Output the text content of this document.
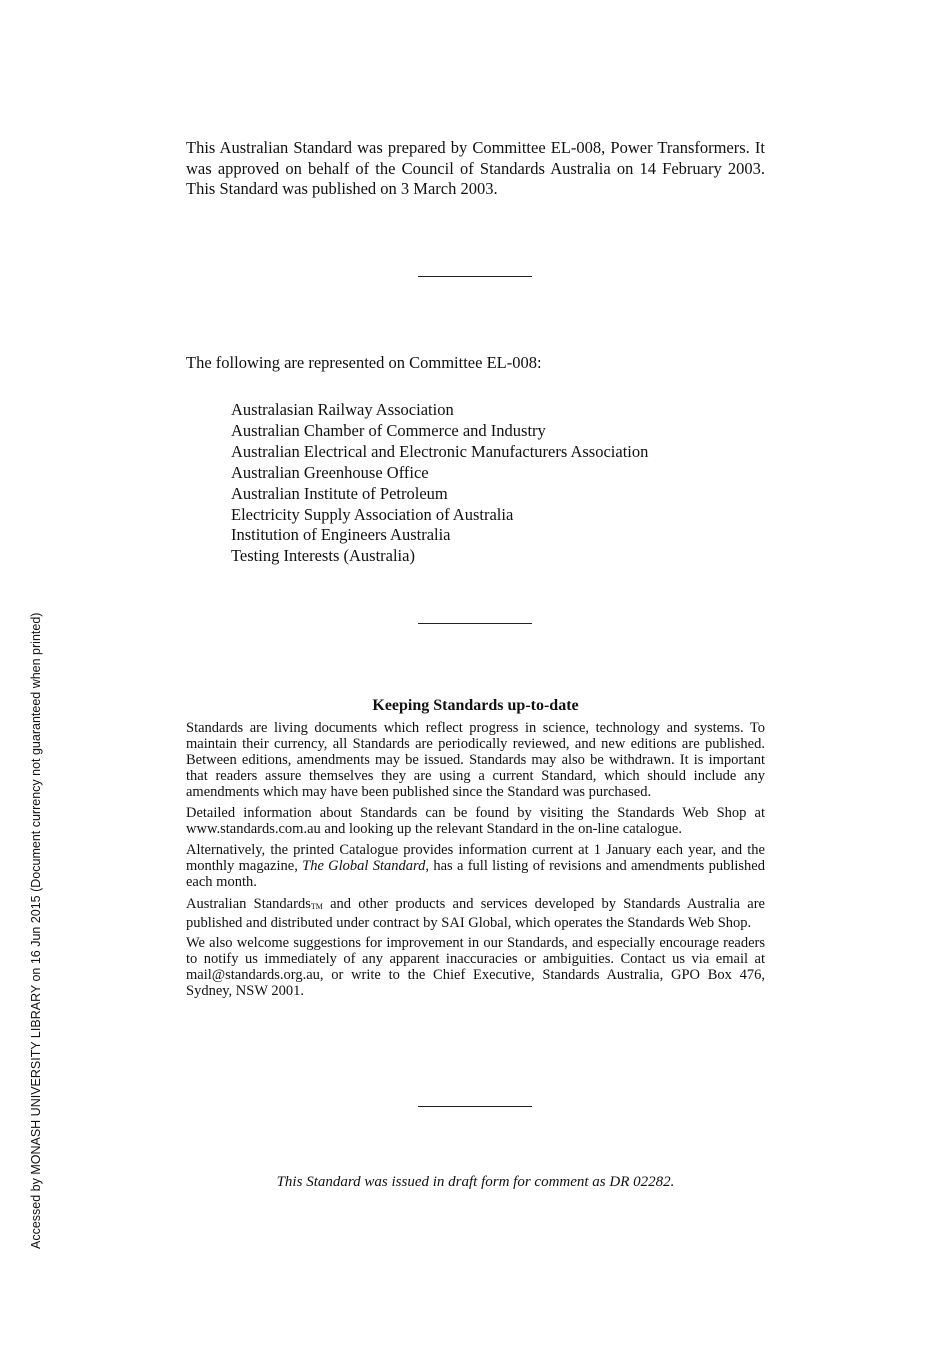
This Australian Standard was prepared by Committee EL-008, Power Transformers. It was approved on behalf of the Council of Standards Australia on 14 February 2003. This Standard was published on 3 March 2003.
The following are represented on Committee EL-008:
Australasian Railway Association
Australian Chamber of Commerce and Industry
Australian Electrical and Electronic Manufacturers Association
Australian Greenhouse Office
Australian Institute of Petroleum
Electricity Supply Association of Australia
Institution of Engineers Australia
Testing Interests (Australia)
Keeping Standards up-to-date

Standards are living documents which reflect progress in science, technology and systems. To maintain their currency, all Standards are periodically reviewed, and new editions are published. Between editions, amendments may be issued. Standards may also be withdrawn. It is important that readers assure themselves they are using a current Standard, which should include any amendments which may have been published since the Standard was purchased.

Detailed information about Standards can be found by visiting the Standards Web Shop at www.standards.com.au and looking up the relevant Standard in the on-line catalogue.

Alternatively, the printed Catalogue provides information current at 1 January each year, and the monthly magazine, The Global Standard, has a full listing of revisions and amendments published each month.

Australian Standards™ and other products and services developed by Standards Australia are published and distributed under contract by SAI Global, which operates the Standards Web Shop.

We also welcome suggestions for improvement in our Standards, and especially encourage readers to notify us immediately of any apparent inaccuracies or ambiguities. Contact us via email at mail@standards.org.au, or write to the Chief Executive, Standards Australia, GPO Box 476, Sydney, NSW 2001.

This Standard was issued in draft form for comment as DR 02282.
Accessed by MONASH UNIVERSITY LIBRARY on 16 Jun 2015 (Document currency not guaranteed when printed)
